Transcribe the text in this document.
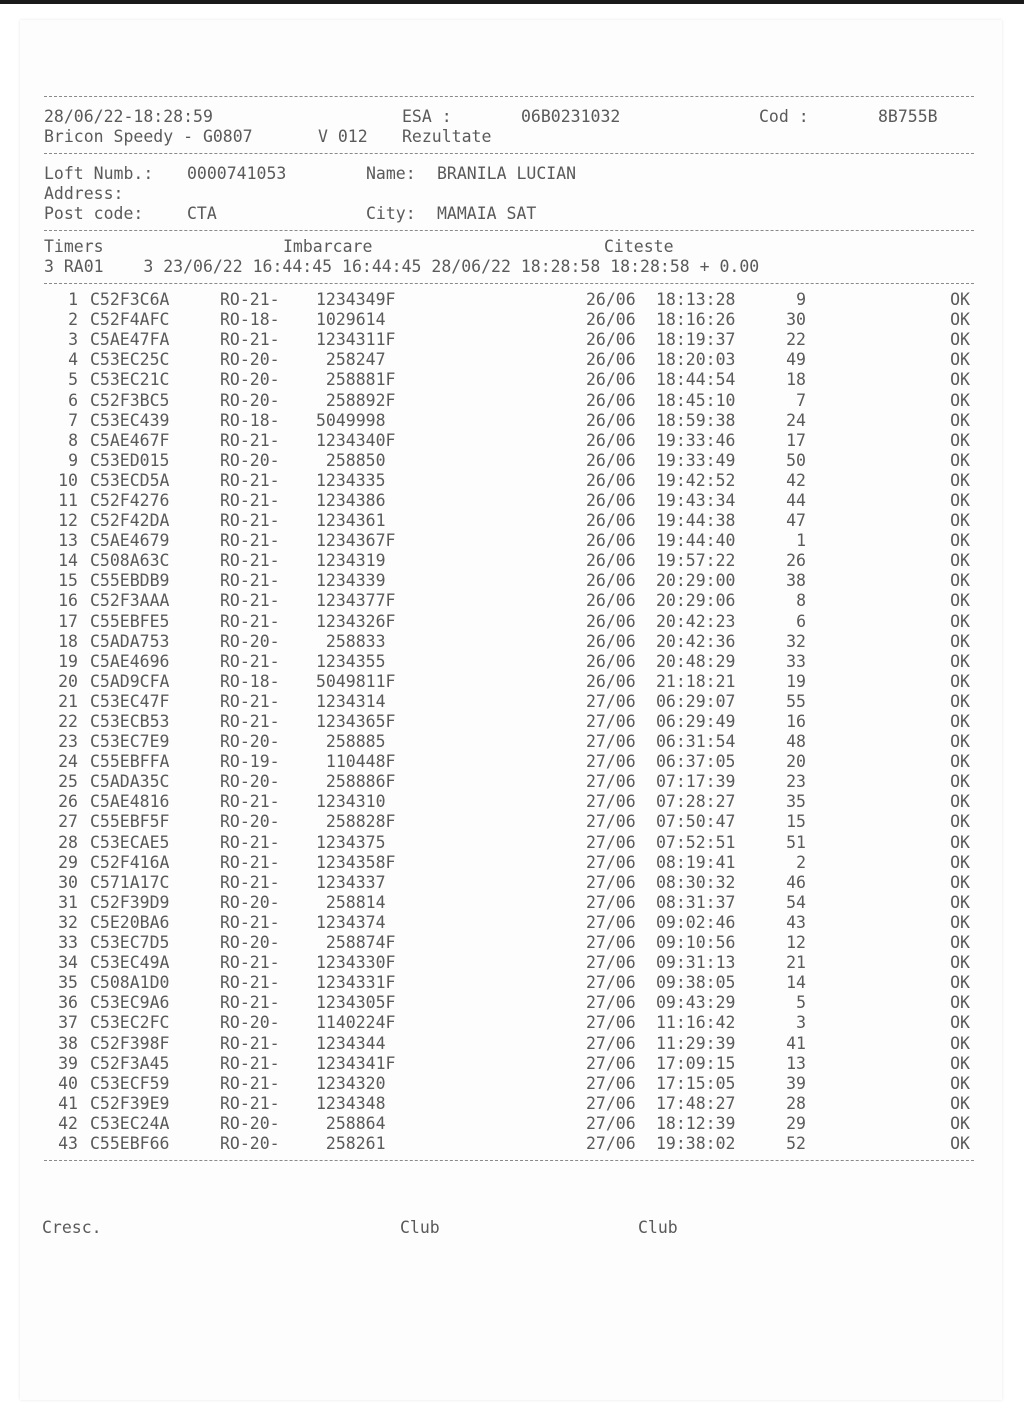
28/06/22-18:28:59

	ESA :

	06B0231032

	Cod :

	8B755B

Bricon Speedy - G0807

	V 012

Rezultate

Loft Numb.:

0000741053

	Name:

BRANILA LUCIAN

Address:

Post code:

	CTA

	City:

MAMAIA SAT

Timers

	Imbarcare

	Citeste

3 RA01    3 23/06/22 16:44:45 16:44:45 28/06/22 18:28:58 18:28:58 + 0.00

1	C52F3C6A	RO-21-	1234349F	26/06	18:13:28	9	OK
2	C52F4AFC	RO-18-	1029614	26/06	18:16:26	30	OK
3	C5AE47FA	RO-21-	1234311F	26/06	18:19:37	22	OK
4	C53EC25C	RO-20-	258247	26/06	18:20:03	49	OK
5	C53EC21C	RO-20-	258881F	26/06	18:44:54	18	OK
6	C52F3BC5	RO-20-	258892F	26/06	18:45:10	7	OK
7	C53EC439	RO-18-	5049998	26/06	18:59:38	24	OK
8	C5AE467F	RO-21-	1234340F	26/06	19:33:46	17	OK
9	C53ED015	RO-20-	258850	26/06	19:33:49	50	OK
10	C53ECD5A	RO-21-	1234335	26/06	19:42:52	42	OK
11	C52F4276	RO-21-	1234386	26/06	19:43:34	44	OK
12	C52F42DA	RO-21-	1234361	26/06	19:44:38	47	OK
13	C5AE4679	RO-21-	1234367F	26/06	19:44:40	1	OK
14	C508A63C	RO-21-	1234319	26/06	19:57:22	26	OK
15	C55EBDB9	RO-21-	1234339	26/06	20:29:00	38	OK
16	C52F3AAA	RO-21-	1234377F	26/06	20:29:06	8	OK
17	C55EBFE5	RO-21-	1234326F	26/06	20:42:23	6	OK
18	C5ADA753	RO-20-	258833	26/06	20:42:36	32	OK
19	C5AE4696	RO-21-	1234355	26/06	20:48:29	33	OK
20	C5AD9CFA	RO-18-	5049811F	26/06	21:18:21	19	OK
21	C53EC47F	RO-21-	1234314	27/06	06:29:07	55	OK
22	C53ECB53	RO-21-	1234365F	27/06	06:29:49	16	OK
23	C53EC7E9	RO-20-	258885	27/06	06:31:54	48	OK
24	C55EBFFA	RO-19-	110448F	27/06	06:37:05	20	OK
25	C5ADA35C	RO-20-	258886F	27/06	07:17:39	23	OK
26	C5AE4816	RO-21-	1234310	27/06	07:28:27	35	OK
27	C55EBF5F	RO-20-	258828F	27/06	07:50:47	15	OK
28	C53ECAE5	RO-21-	1234375	27/06	07:52:51	51	OK
29	C52F416A	RO-21-	1234358F	27/06	08:19:41	2	OK
30	C571A17C	RO-21-	1234337	27/06	08:30:32	46	OK
31	C52F39D9	RO-20-	258814	27/06	08:31:37	54	OK
32	C5E20BA6	RO-21-	1234374	27/06	09:02:46	43	OK
33	C53EC7D5	RO-20-	258874F	27/06	09:10:56	12	OK
34	C53EC49A	RO-21-	1234330F	27/06	09:31:13	21	OK
35	C508A1D0	RO-21-	1234331F	27/06	09:38:05	14	OK
36	C53EC9A6	RO-21-	1234305F	27/06	09:43:29	5	OK
37	C53EC2FC	RO-20-	1140224F	27/06	11:16:42	3	OK
38	C52F398F	RO-21-	1234344	27/06	11:29:39	41	OK
39	C52F3A45	RO-21-	1234341F	27/06	17:09:15	13	OK
40	C53ECF59	RO-21-	1234320	27/06	17:15:05	39	OK
41	C52F39E9	RO-21-	1234348	27/06	17:48:27	28	OK
42	C53EC24A	RO-20-	258864	27/06	18:12:39	29	OK
43	C55EBF66	RO-20-	258261	27/06	19:38:02	52	OK
Cresc.	Club	Club
